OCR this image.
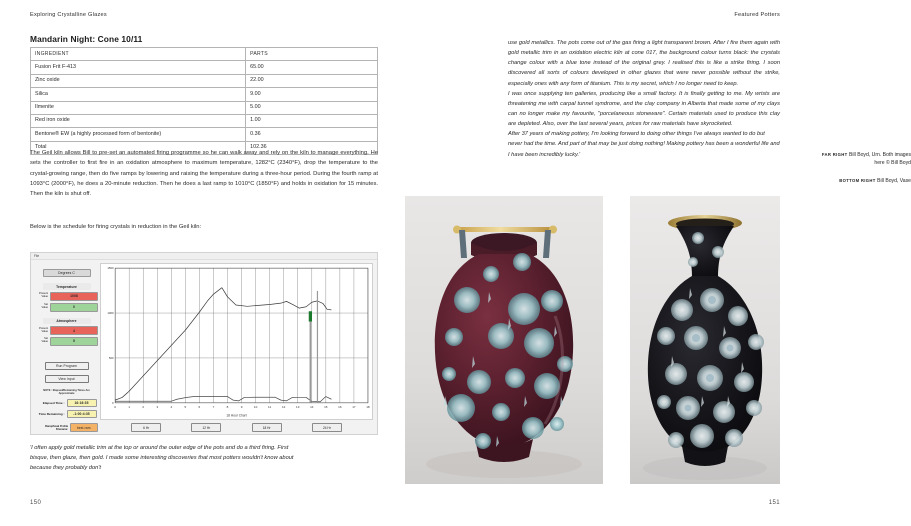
Exploring Crystalline Glazes
Mandarin Night: Cone 10/11
INGREDIENT	PARTS
Fusion Frit F-413	65.00
Zinc oxide	22.00
Silica	9.00
Ilmenite	5.00
Red iron oxide	1.00
Bentone® EW (a highly processed form of bentonite)	0.36
Total	102.36

The Geil kiln allows Bill to pre-set an automated firing programme so he can walk away and rely on the kiln to manage everything. He sets the controller to first fire in an oxidation atmosphere to maximum temperature, 1282°C (2340°F), drop the temperature to the crystal-growing range, then do five ramps by lowering and raising the temperature during a three-hour period. During the fourth ramp at 1093°C (2000°F), he does a 20-minute reduction. Then he does a last ramp to 1010°C (1850°F) and holds in oxidation for 15 minutes. Then the kiln is shut off.

Below is the schedule for firing crystals in reduction in the Geil kiln:

File
Degrees C
Temperature
Present
Value	1008
Set
Value	0
Atmosphere
Present
Value	4
Set
Value	5
Run Program
View Input
NOTE : Elapsed/Remaining Times Are Approximate
Elapsed Time :	16:16:35
Time Remaining :	-1:00:4:35
Ramp/Soak Profile Filename:	best.ram
0	1	2	3	4	5	6	7	8	9	10	11	12	13	14	15	16	17	18
500
1000
1500
0
18 Hour Chart
6 Hr	12 Hr	18 Hr	24 Hr
'I often apply gold metallic trim at the top or around the outer edge of the pots and do a third firing. First bisque, then glaze, then gold. I made some interesting discoveries that most potters wouldn't know about because they probably don't
150
Featured Potters

use gold metallics. The pots come out of the gas firing a light transparent brown. After I fire them again with gold metallic trim in an oxidation electric kiln at cone 017, the background colour turns black: the crystals change colour with a blue tone instead of the original grey. I realised this is like a strike firing. I soon discovered all sorts of colours developed in other glazes that were never possible without the strike, especially ones with any form of titanium. This is my secret, which I no longer need to keep.

I was once supplying ten galleries, producing like a small factory. It is finally getting to me. My wrists are threatening me with carpal tunnel syndrome, and the clay company in Alberta that made some of my clays can no longer make my favourite, "porcelaneous stoneware". Certain materials used to produce this clay are depleted. Also, over the last several years, prices for raw materials have skyrocketed.

After 37 years of making pottery, I'm looking forward to doing other things I've always wanted to do but never had the time. And part of that may be just doing nothing! Making pottery has been a wonderful life and I have been incredibly lucky.'	FAR RIGHT Bill Boyd, Urn. Both images here © Bill Boyd
BOTTOM RIGHT Bill Boyd, Vase
151
